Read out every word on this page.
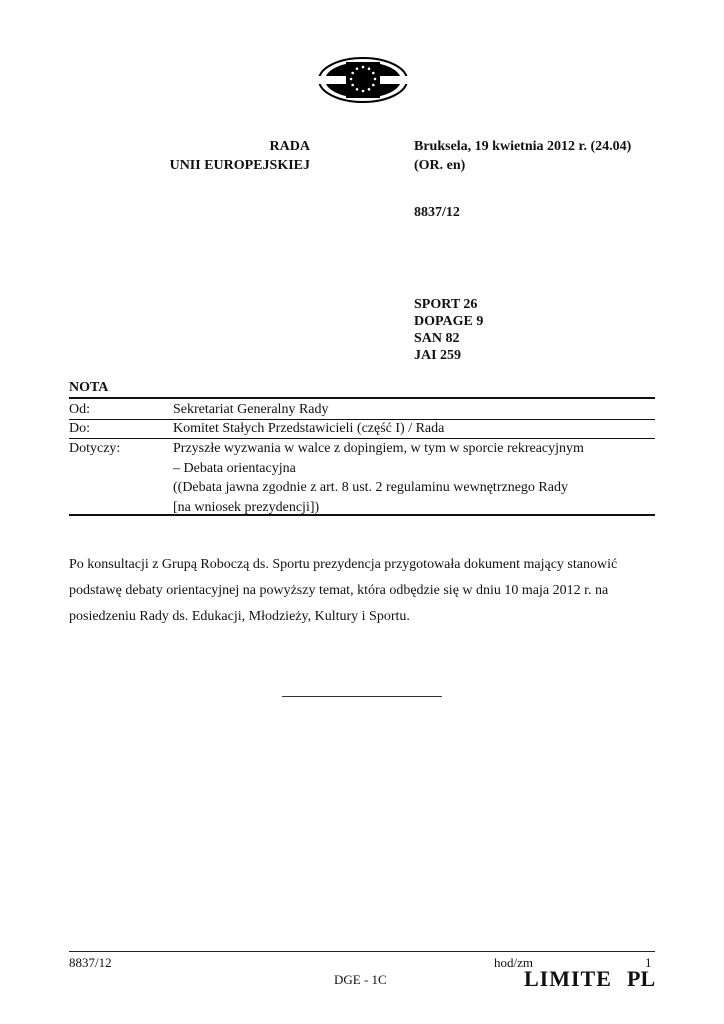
RADA
UNII EUROPEJSKIEJ
Bruksela, 19 kwietnia 2012 r. (24.04)
(OR. en)
8837/12
SPORT 26
DOPAGE 9
SAN 82
JAI 259
NOTA
Od:	Sekretariat Generalny Rady
Do:	Komitet Stałych Przedstawicieli (część I) / Rada
Dotyczy:	Przyszłe wyzwania w walce z dopingiem, w tym w sporcie rekreacyjnym
– Debata orientacyjna
((Debata jawna zgodnie z art. 8 ust. 2 regulaminu wewnętrznego Rady
[na wniosek prezydencji])
Po konsultacji z Grupą Roboczą ds. Sportu prezydencja przygotowała dokument mający stanowić podstawę debaty orientacyjnej na powyższy temat, która odbędzie się w dniu 10 maja 2012 r. na posiedzeniu Rady ds. Edukacji, Młodzieży, Kultury i Sportu.
8837/12	hod/zm	1
DGE - 1C	LIMITE PL
